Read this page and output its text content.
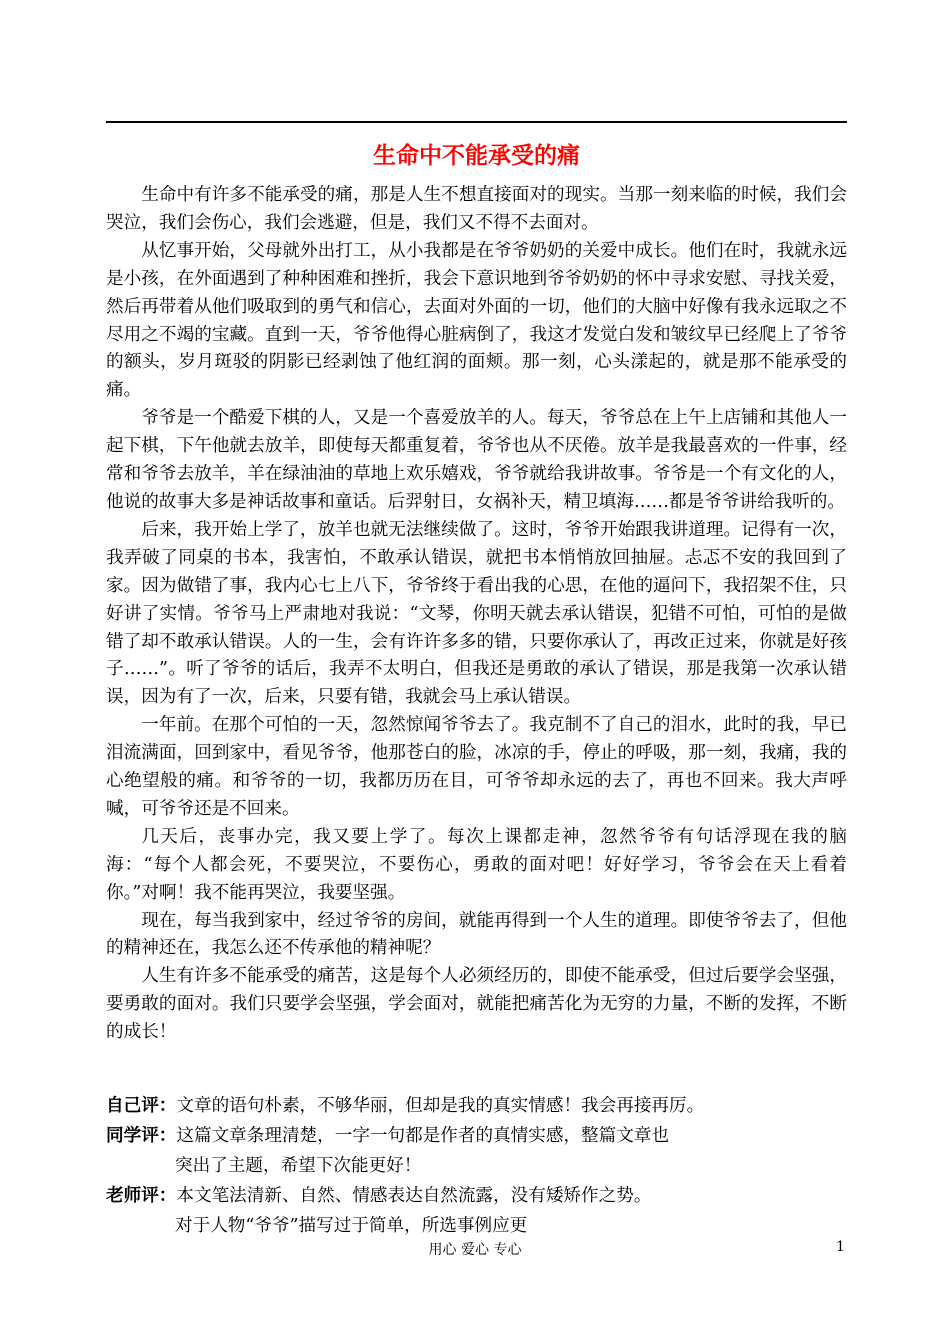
生命中不能承受的痛

生命中有许多不能承受的痛，那是人生不想直接面对的现实。当那一刻来临的时候，我们会哭泣，我们会伤心，我们会逃避，但是，我们又不得不去面对。

从忆事开始，父母就外出打工，从小我都是在爷爷奶奶的关爱中成长。他们在时，我就永远是小孩，在外面遇到了种种困难和挫折，我会下意识地到爷爷奶奶的怀中寻求安慰、寻找关爱，然后再带着从他们吸取到的勇气和信心，去面对外面的一切，他们的大脑中好像有我永远取之不尽用之不竭的宝藏。直到一天，爷爷他得心脏病倒了，我这才发觉白发和皱纹早已经爬上了爷爷的额头，岁月斑驳的阴影已经剥蚀了他红润的面颊。那一刻，心头漾起的，就是那不能承受的痛。

爷爷是一个酷爱下棋的人，又是一个喜爱放羊的人。每天，爷爷总在上午上店铺和其他人一起下棋，下午他就去放羊，即使每天都重复着，爷爷也从不厌倦。放羊是我最喜欢的一件事，经常和爷爷去放羊，羊在绿油油的草地上欢乐嬉戏，爷爷就给我讲故事。爷爷是一个有文化的人，他说的故事大多是神话故事和童话。后羿射日，女祸补天，精卫填海……都是爷爷讲给我听的。

后来，我开始上学了，放羊也就无法继续做了。这时，爷爷开始跟我讲道理。记得有一次，我弄破了同桌的书本，我害怕，不敢承认错误，就把书本悄悄放回抽屉。忐忑不安的我回到了家。因为做错了事，我内心七上八下，爷爷终于看出我的心思，在他的逼问下，我招架不住，只好讲了实情。爷爷马上严肃地对我说：“文琴，你明天就去承认错误，犯错不可怕，可怕的是做错了却不敢承认错误。人的一生，会有许许多多的错，只要你承认了，再改正过来，你就是好孩子……”。听了爷爷的话后，我弄不太明白，但我还是勇敢的承认了错误，那是我第一次承认错误，因为有了一次，后来，只要有错，我就会马上承认错误。

一年前。在那个可怕的一天，忽然惊闻爷爷去了。我克制不了自己的泪水，此时的我，早已泪流满面，回到家中，看见爷爷，他那苍白的脸，冰凉的手，停止的呼吸，那一刻，我痛，我的心绝望般的痛。和爷爷的一切，我都历历在目，可爷爷却永远的去了，再也不回来。我大声呼喊，可爷爷还是不回来。

几天后，丧事办完，我又要上学了。每次上课都走神，忽然爷爷有句话浮现在我的脑海：“每个人都会死，不要哭泣，不要伤心，勇敢的面对吧！好好学习，爷爷会在天上看着你。”对啊！我不能再哭泣，我要坚强。

现在，每当我到家中，经过爷爷的房间，就能再得到一个人生的道理。即使爷爷去了，但他的精神还在，我怎么还不传承他的精神呢？

人生有许多不能承受的痛苦，这是每个人必须经历的，即使不能承受，但过后要学会坚强，要勇敢的面对。我们只要学会坚强，学会面对，就能把痛苦化为无穷的力量，不断的发挥，不断的成长！

自己评： 文章的语句朴素，不够华丽，但却是我的真实情感！我会再接再厉。
同学评： 这篇文章条理清楚，一字一句都是作者的真情实感，整篇文章也
突出了主题，希望下次能更好！
老师评： 本文笔法清新、自然、情感表达自然流露，没有矮矫作之势。
对于人物“爷爷”描写过于简单，所选事例应更
用心 爱心 专心	1
